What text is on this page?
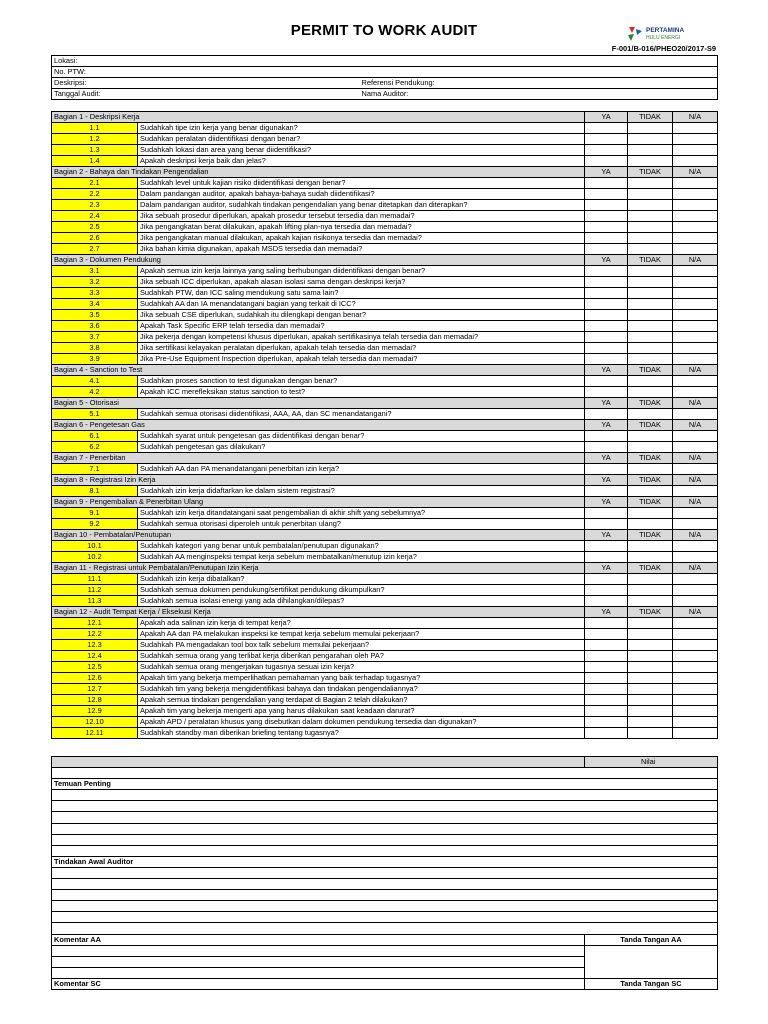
PERMIT TO WORK AUDIT	PERTAMINA
HULU ENERGI
F-001/B-016/PHEO20/2017-S9
Lokasi:	
No. PTW:	
Deskripsi:	Referensi Pendukung:
Tanggal Audit:	Nama Auditor:
Bagian 1 - Deskripsi Kerja		YA	TIDAK	N/A
1.1	Sudahkah tipe izin kerja yang benar digunakan?			
1.2	Sudahkan peralatan diidentifikasi dengan benar?			
1.3	Sudahkah lokasi dan area yang benar diidentifikasi?			
1.4	Apakah deskripsi kerja baik dan jelas?			
Bagian 2 - Bahaya dan Tindakan Pengendalian		YA	TIDAK	N/A
2.1	Sudahkah level untuk kajian risiko diidentifikasi dengan benar?			
2.2	Dalam pandangan auditor, apakah bahaya-bahaya sudah diidentifikasi?			
2.3	Dalam pandangan auditor, sudahkah tindakan pengendalian yang benar ditetapkan dan diterapkan?			
2.4	Jika sebuah prosedur diperlukan, apakah prosedur tersebut tersedia dan memadai?			
2.5	Jika pengangkatan berat dilakukan, apakah lifting plan-nya tersedia dan memadai?			
2.6	Jika pengangkatan manual dilakukan, apakah kajian risikonya tersedia dan memadai?			
2.7	Jika bahan kimia digunakan, apakah MSDS tersedia dan memadai?			
Bagian 3 - Dokumen Pendukung		YA	TIDAK	N/A
3.1	Apakah semua izin kerja lainnya yang saling berhubungan diidentifikasi dengan benar?			
3.2	Jika sebuah ICC diperlukan, apakah alasan isolasi sama dengan deskripsi kerja?			
3.3	Sudahkah PTW, dan ICC saling mendukung satu sama lain?			
3.4	Sudahkah AA dan IA menandatangani bagian yang terkait di ICC?			
3.5	Jika sebuah CSE diperlukan, sudahkah itu dilengkapi dengan benar?			
3.6	Apakah Task Specific ERP telah tersedia dan memadai?			
3.7	Jika pekerja dengan kompetensi khusus diperlukan, apakah sertifikasinya telah tersedia dan memadai?			
3.8	Jika sertifikasi kelayakan peralatan diperlukan, apakah telah tersedia dan memadai?			
3.9	Jika Pre-Use Equipment Inspection diperlukan, apakah telah tersedia dan memadai?			
Bagian 4 - Sanction to Test		YA	TIDAK	N/A
4.1	Sudahkan proses sanction to test digunakan dengan benar?			
4.2	Apakah ICC merefleksikan status sanction to test?			
Bagian 5 - Otorisasi		YA	TIDAK	N/A
5.1	Sudahkah semua otorisasi diidentifikasi, AAA, AA, dan SC menandatangani?			
Bagian 6 - Pengetesan Gas		YA	TIDAK	N/A
6.1	Sudahkah syarat untuk pengetesan gas diidentifikasi dengan benar?			
6.2	Sudahkah pengetesan gas dilakukan?			
Bagian 7 - Penerbitan		YA	TIDAK	N/A
7.1	Sudahkah AA dan PA menandatangani penerbitan izin kerja?			
Bagian 8 - Registrasi Izin Kerja		YA	TIDAK	N/A
8.1	Sudahkah izin kerja didaftarkan ke dalam sistem registrasi?			
Bagian 9 - Pengembalian & Penerbitan Ulang		YA	TIDAK	N/A
9.1	Sudahkah izin kerja ditandatangani saat pengembalian di akhir shift yang sebelumnya?			
9.2	Sudahkah semua otorisasi diperoleh untuk penerbitan ulang?			
Bagian 10 - Pembatalan/Penutupan		YA	TIDAK	N/A
10.1	Sudahkah kategori yang benar untuk pembatalan/penutupan digunakan?			
10.2	Sudahkah AA menginspeksi tempat kerja sebelum membatalkan/menutup izin kerja?			
Bagian 11 - Registrasi untuk Pembatalan/Penutupan Izin Kerja		YA	TIDAK	N/A
11.1	Sudahkah izin kerja dibatalkan?			
11.2	Sudahkah semua dokumen pendukung/sertifikat pendukung dikumpulkan?			
11.3	Sudahkah semua isolasi energi yang ada dihilangkan/dilepas?			
Bagian 12 - Audit Tempat Kerja / Eksekusi Kerja		YA	TIDAK	N/A
12.1	Apakah ada salinan izin kerja di tempat kerja?			
12.2	Apakah AA dan PA melakukan inspeksi ke tempat kerja sebelum memulai pekerjaan?			
12.3	Sudahkah PA mengadakan tool box talk sebelum memulai pekerjaan?			
12.4	Sudahkah semua orang yang terlibat kerja diberikan pengarahan oleh PA?			
12.5	Sudahkah semua orang mengerjakan tugasnya sesuai izin kerja?			
12.6	Apakah tim yang bekerja memperlihatkan pemahaman yang baik terhadap tugasnya?			
12.7	Sudahkah tim yang bekerja mengidentifikasi bahaya dan tindakan pengendaliannya?			
12.8	Apakah semua tindakan pengendalian yang terdapat di Bagian 2 telah dilakukan?			
12.9	Apakah tim yang bekerja mengerti apa yang harus dilakukan saat keadaan darurat?			
12.10	Apakah APD / peralatan khusus yang disebutkan dalam dokumen pendukung tersedia dan digunakan?			
12.11	Sudahkah standby man diberikan briefing tentang tugasnya?			
	Nilai

Temuan Penting	

Tindakan Awal Auditor	

Komentar AA	Tanda Tangan AA

Komentar SC	Tanda Tangan SC
